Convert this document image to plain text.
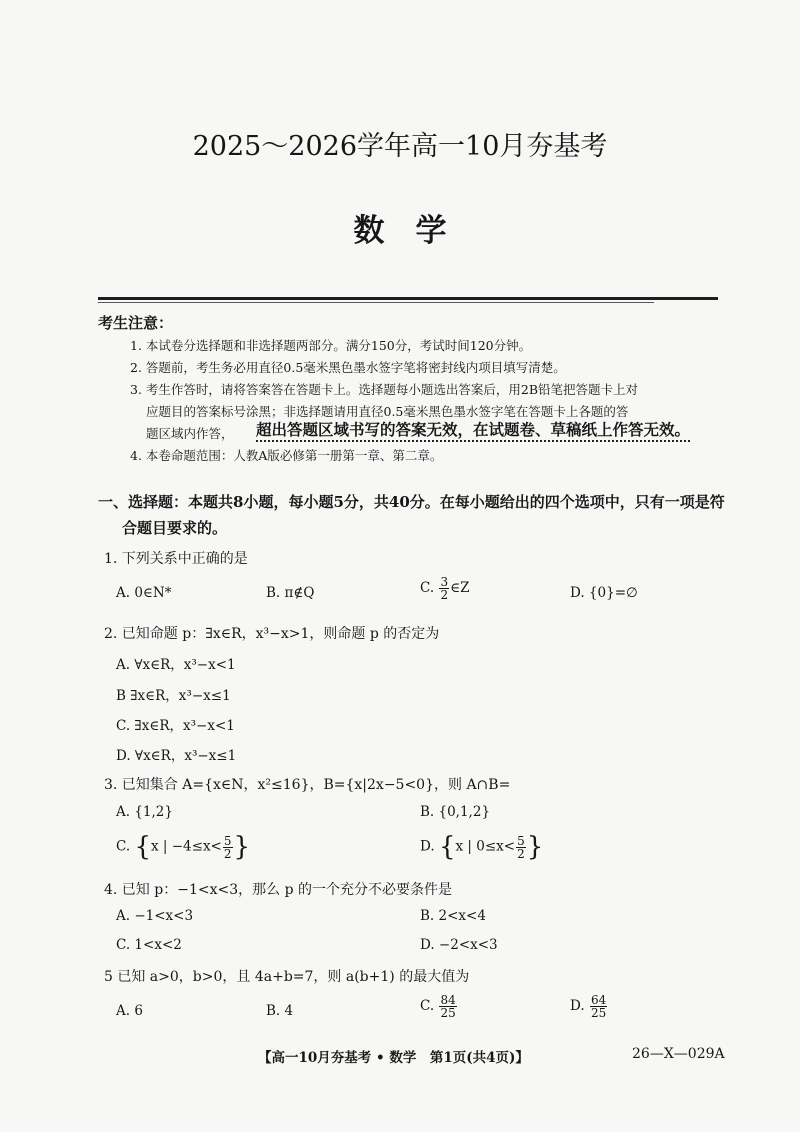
2025～2026学年高一10月夯基考
数　学
考生注意：
1. 本试卷分选择题和非选择题两部分。满分150分，考试时间120分钟。
2. 答题前，考生务必用直径0.5毫米黑色墨水签字笔将密封线内项目填写清楚。
3. 考生作答时，请将答案答在答题卡上。选择题每小题选出答案后，用2B铅笔把答题卡上对
应题目的答案标号涂黑；非选择题请用直径0.5毫米黑色墨水签字笔在答题卡上各题的答
题区域内作答， 超出答题区域书写的答案无效，在试题卷、草稿纸上作答无效。
4. 本卷命题范围：人教A版必修第一册第一章、第二章。
一、选择题：本题共8小题，每小题5分，共40分。在每小题给出的四个选项中，只有一项是符
合题目要求的。
1. 下列关系中正确的是
A. 0∈N*	B. π∉Q	C. $\frac{3}{2}$ ∈Z	D. {0}=∅
2. 已知命题 p：∃x∈R，x³−x>1，则命题 p 的否定为
A. ∀x∈R，x³−x<1
B ∃x∈R，x³−x≤1
C. ∃x∈R，x³−x<1
D. ∀x∈R，x³−x≤1
3. 已知集合 A={x∈N，x²≤16}，B={x|2x−5<0}，则 A∩B=
A. {1,2}	B. {0,1,2}
C. {x | $-4\le x< \frac{5}{2}$ }	D. {x | $0\le x< \frac{5}{2}$ }
4. 已知 p：−1<x<3，那么 p 的一个充分不必要条件是
A. −1<x<3	B. 2<x<4
C. 1<x<2	D. −2<x<3
5 已知 a>0，b>0，且 4a+b=7，则 a(b+1) 的最大值为
A. 6	B. 4	C. $\frac{84}{25}$	D. $\frac{64}{25}$
【高一10月夯基考 • 数学　第1页(共4页)】	26—X—029A
